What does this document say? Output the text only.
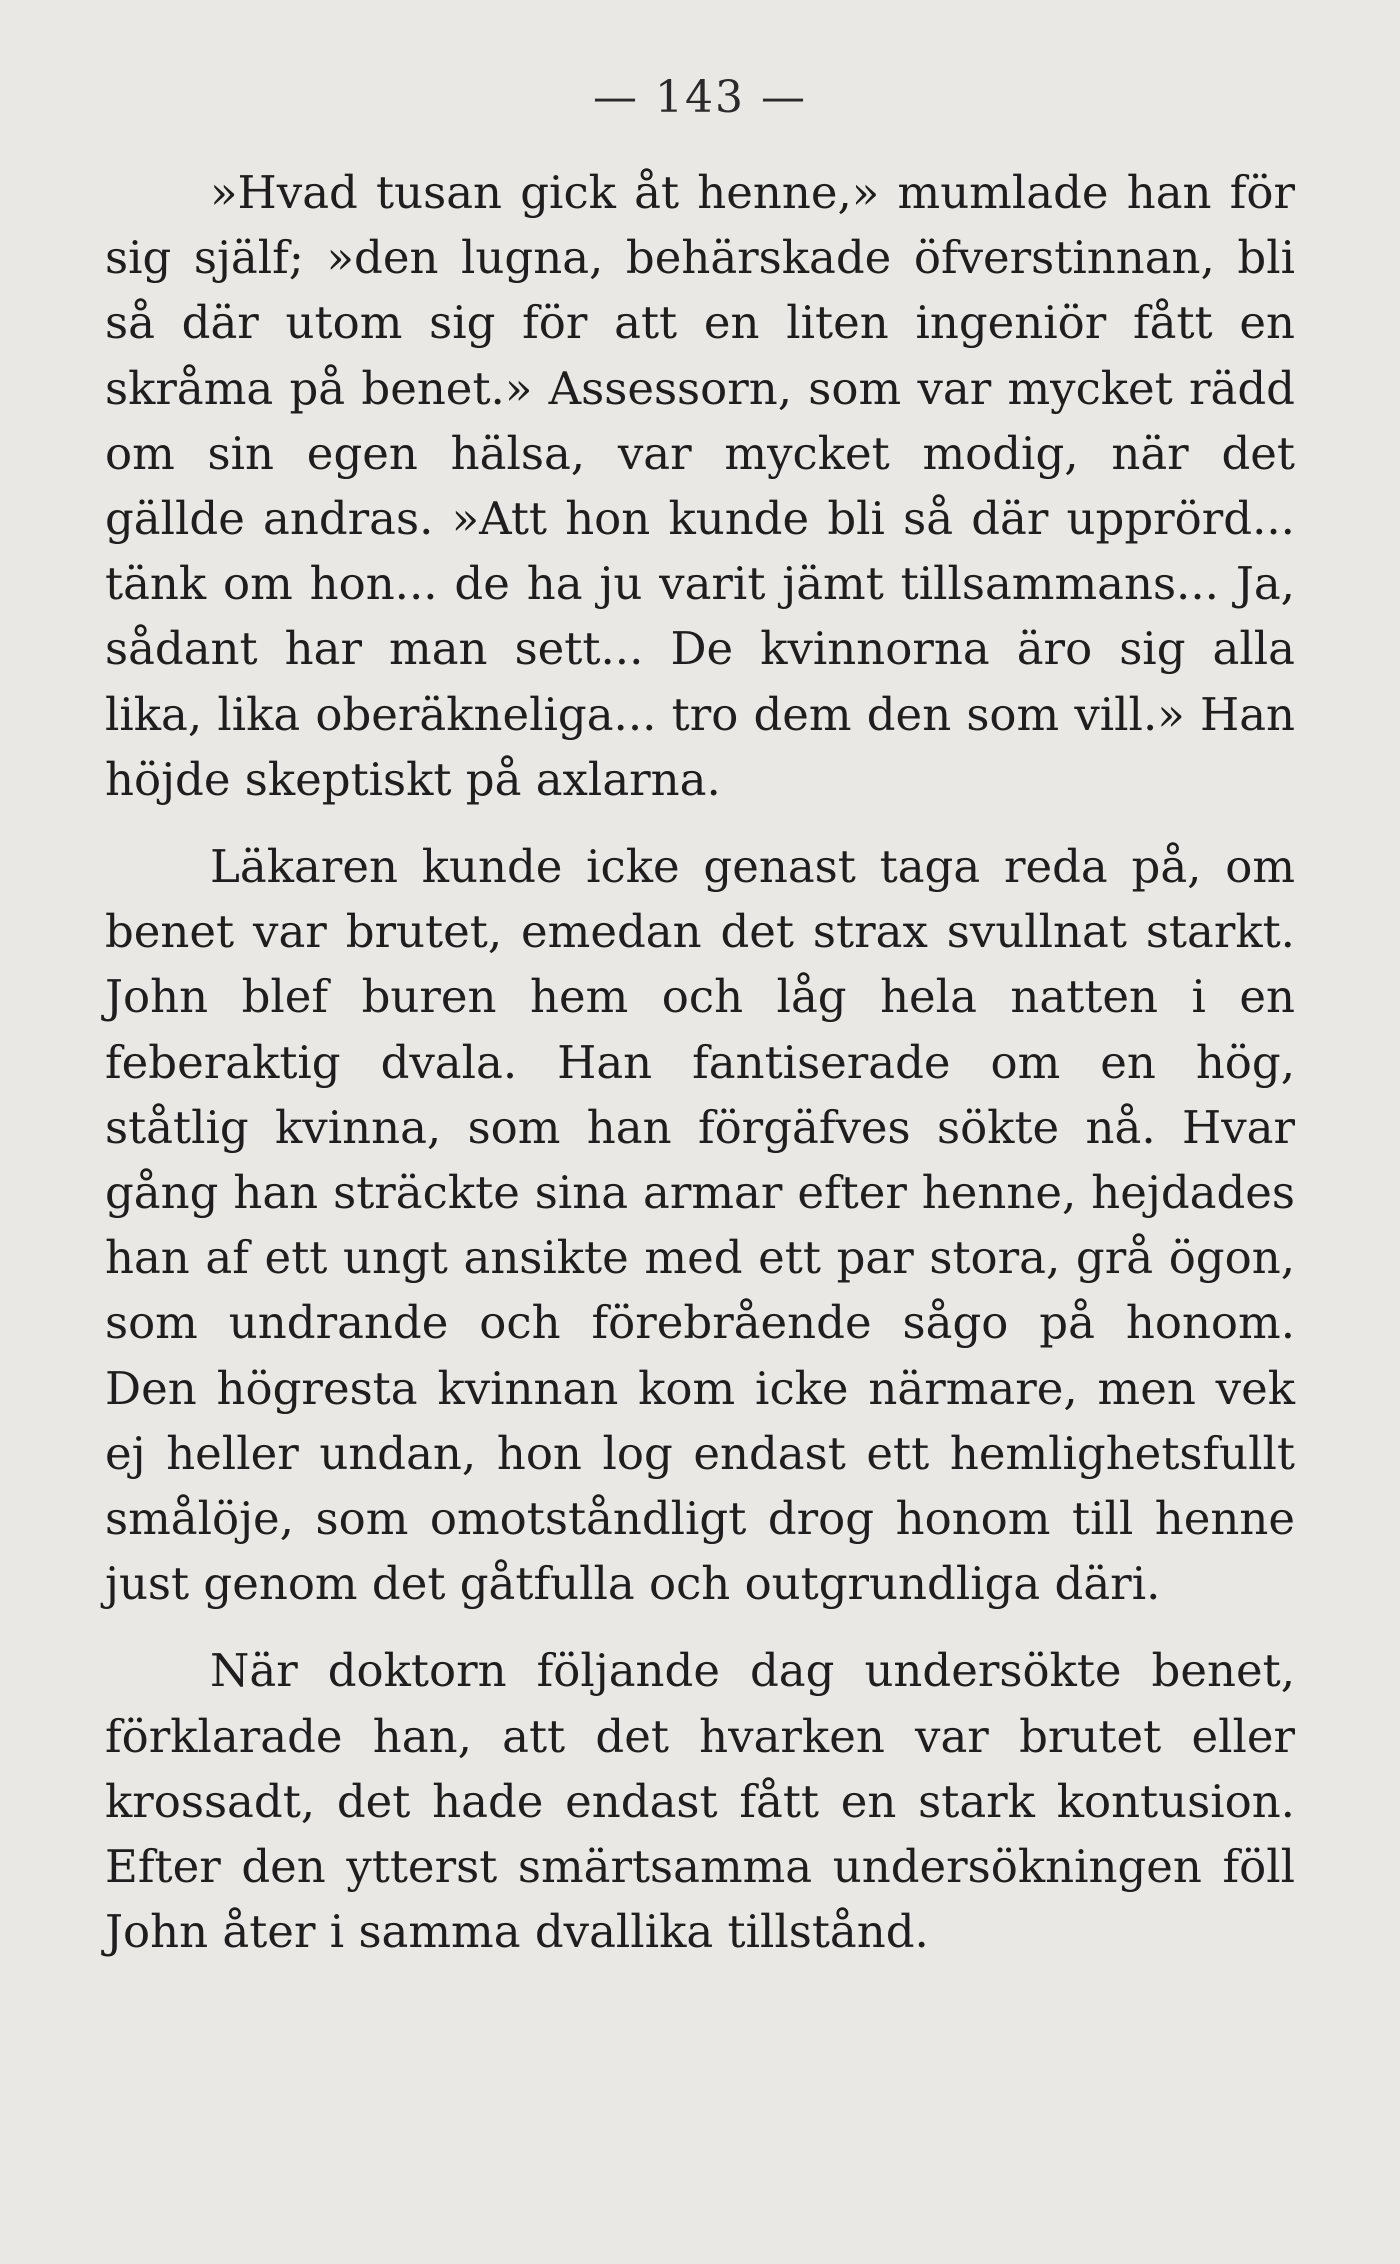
— 143 —

»Hvad tusan gick åt henne,» mumlade han för sig själf; »den lugna, behärskade öfverstinnan, bli så där utom sig för att en liten ingeniör fått en skråma på benet.» Assessorn, som var mycket rädd om sin egen hälsa, var mycket modig, när det gällde andras. »Att hon kunde bli så där upprörd... tänk om hon... de ha ju varit jämt tillsammans... Ja, sådant har man sett... De kvinnorna äro sig alla lika, lika oberäkneliga... tro dem den som vill.» Han höjde skeptiskt på axlarna.

Läkaren kunde icke genast taga reda på, om benet var brutet, emedan det strax svullnat starkt. John blef buren hem och låg hela natten i en feberaktig dvala. Han fantiserade om en hög, ståtlig kvinna, som han förgäfves sökte nå. Hvar gång han sträckte sina armar efter henne, hejdades han af ett ungt ansikte med ett par stora, grå ögon, som undrande och förebrående sågo på honom. Den högresta kvinnan kom icke närmare, men vek ej heller undan, hon log endast ett hemlighetsfullt smålöje, som omotståndligt drog honom till henne just genom det gåtfulla och outgrundliga däri.

När doktorn följande dag undersökte benet, förklarade han, att det hvarken var brutet eller krossadt, det hade endast fått en stark kontusion. Efter den ytterst smärtsamma undersökningen föll John åter i samma dvallika tillstånd.
